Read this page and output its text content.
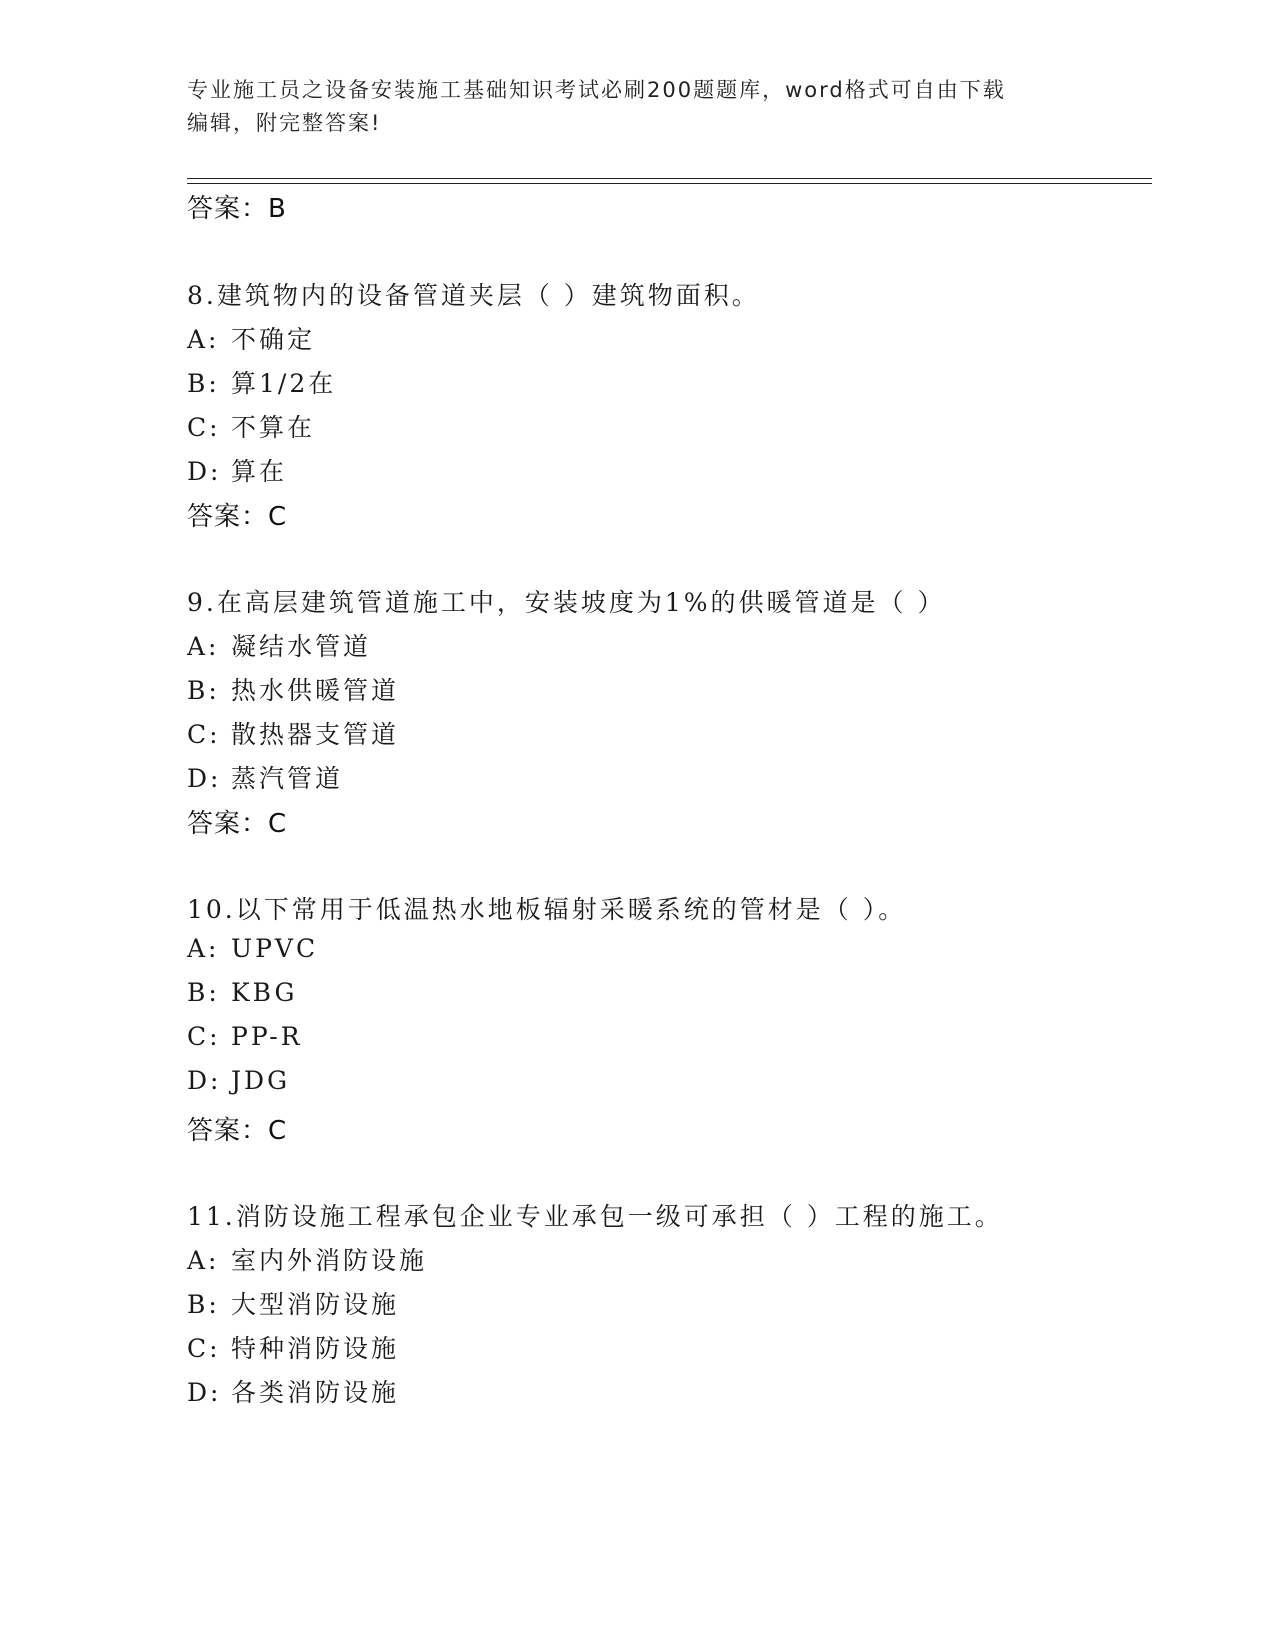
专业施工员之设备安装施工基础知识考试必刷200题题库，word格式可自由下载
编辑，附完整答案!
答案：B
8.建筑物内的设备管道夹层（ ）建筑物面积。
A: 不确定
B: 算1/2在
C: 不算在
D: 算在
答案：C
9.在高层建筑管道施工中，安装坡度为1%的供暖管道是（ ）
A: 凝结水管道
B: 热水供暖管道
C: 散热器支管道
D: 蒸汽管道
答案：C
10.以下常用于低温热水地板辐射采暖系统的管材是（ ）。
A: UPVC
B: KBG
C: PP-R
D: JDG
答案：C
11.消防设施工程承包企业专业承包一级可承担（ ）工程的施工。
A: 室内外消防设施
B: 大型消防设施
C: 特种消防设施
D: 各类消防设施
